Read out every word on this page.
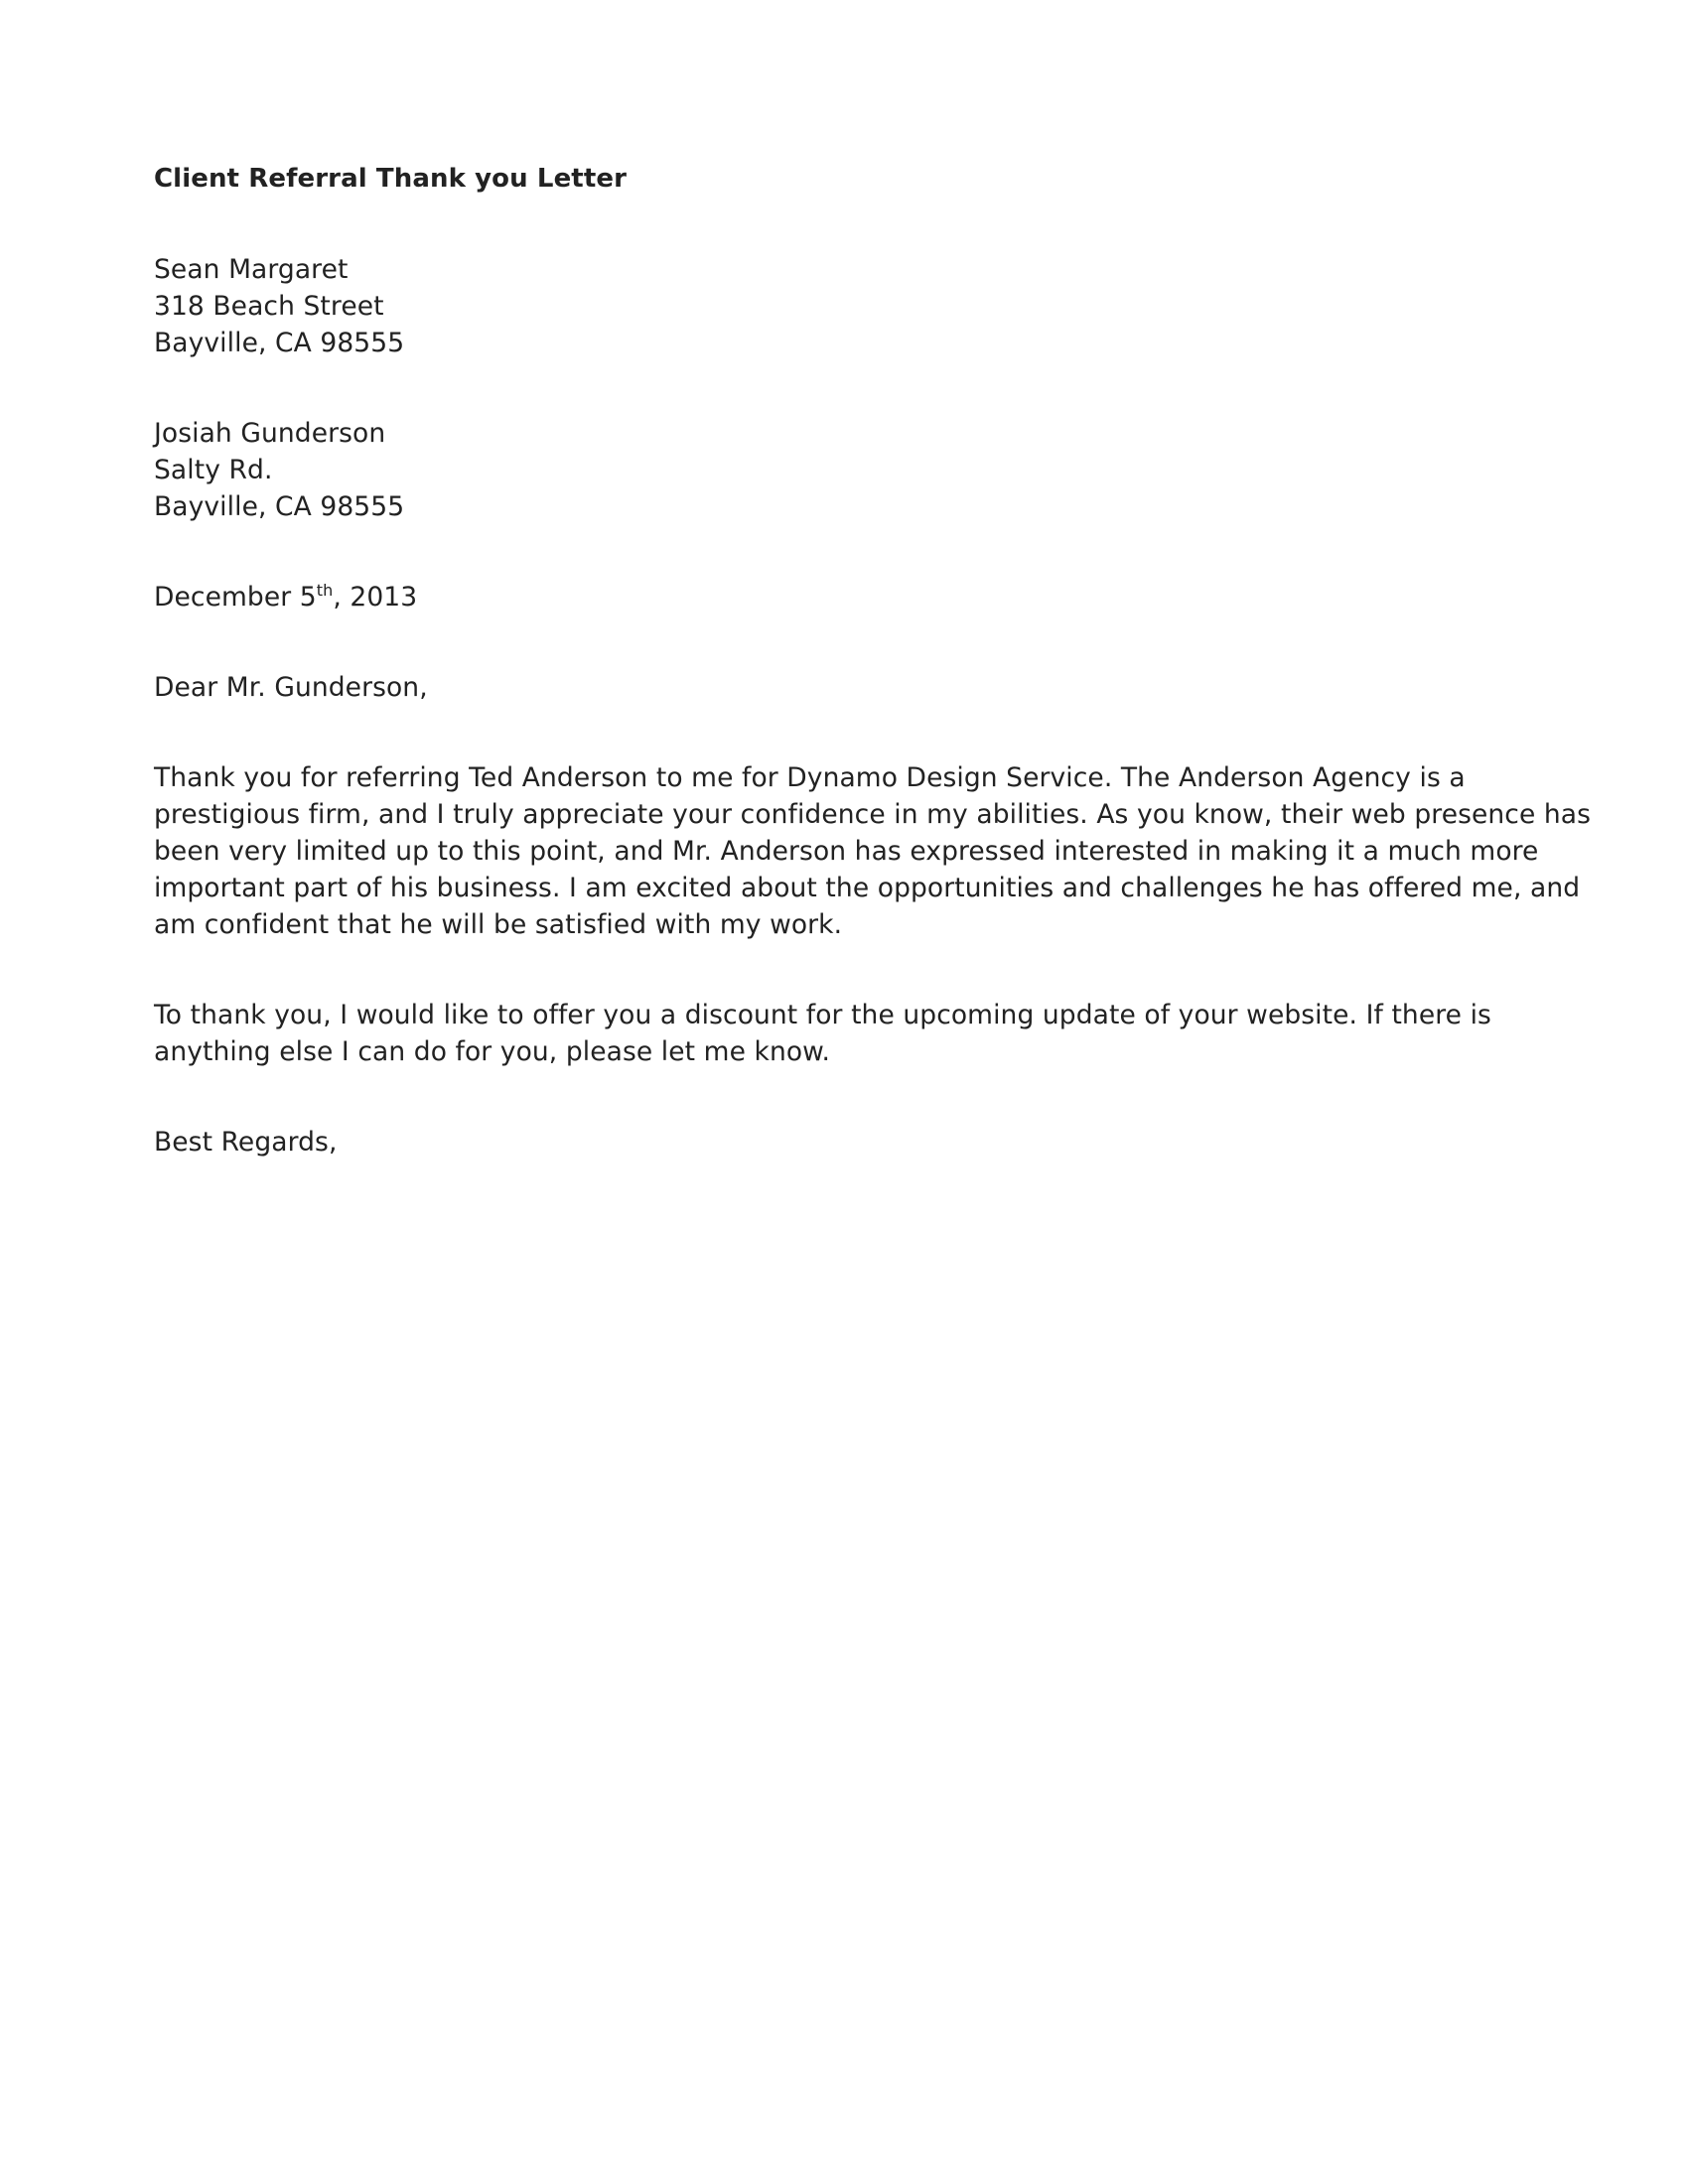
Client Referral Thank you Letter
Sean Margaret
318 Beach Street
Bayville, CA 98555
Josiah Gunderson
Salty Rd.
Bayville, CA 98555
December 5th, 2013
Dear Mr. Gunderson,
Thank you for referring Ted Anderson to me for Dynamo Design Service. The Anderson Agency is a
prestigious firm, and I truly appreciate your confidence in my abilities. As you know, their web presence has
been very limited up to this point, and Mr. Anderson has expressed interested in making it a much more
important part of his business. I am excited about the opportunities and challenges he has offered me, and
am confident that he will be satisfied with my work.
To thank you, I would like to offer you a discount for the upcoming update of your website. If there is
anything else I can do for you, please let me know.
Best Regards,
